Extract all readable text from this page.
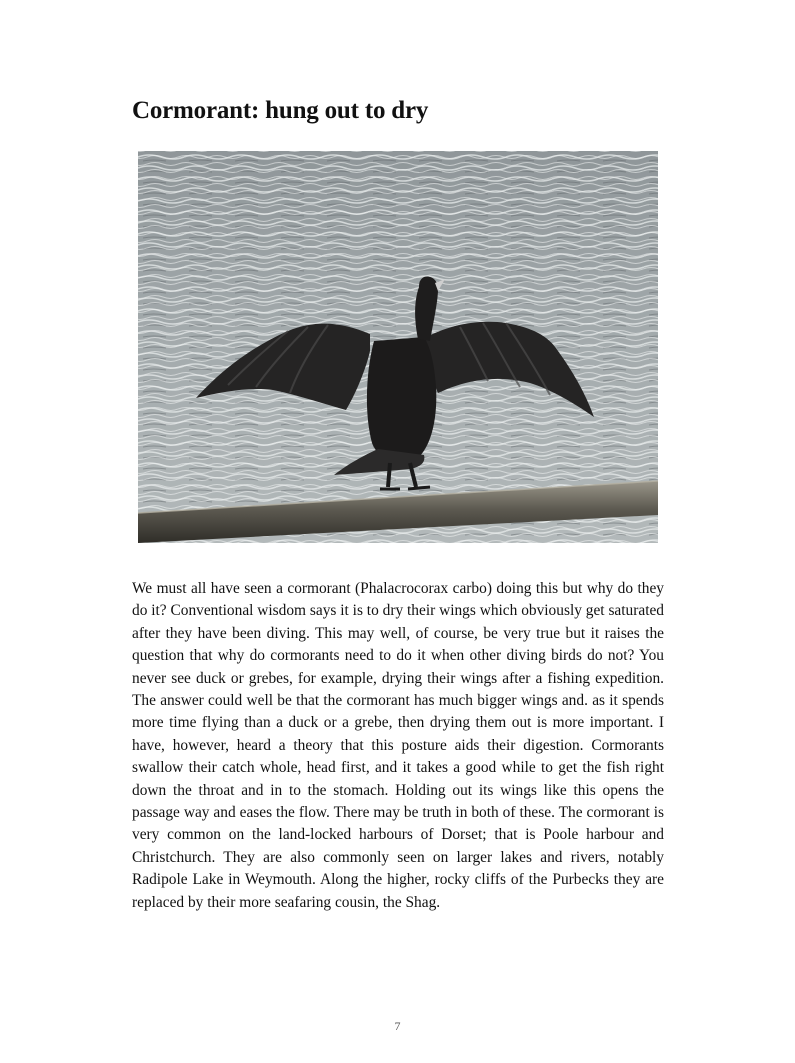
Cormorant: hung out to dry

We must all have seen a cormorant (Phalacrocorax carbo) doing this but why do they do it? Conventional wisdom says it is to dry their wings which obviously get saturated after they have been diving. This may well, of course, be very true but it raises the question that why do cormorants need to do it when other diving birds do not? You never see duck or grebes, for example, drying their wings after a fishing expedition. The answer could well be that the cormorant has much bigger wings and. as it spends more time flying than a duck or a grebe, then drying them out is more important. I have, however, heard a theory that this posture aids their digestion. Cormorants swallow their catch whole, head first, and it takes a good while to get the fish right down the throat and in to the stomach. Holding out its wings like this opens the passage way and eases the flow. There may be truth in both of these. The cormorant is very common on the land-locked harbours of Dorset; that is Poole harbour and Christchurch. They are also commonly seen on larger lakes and rivers, notably Radipole Lake in Weymouth. Along the higher, rocky cliffs of the Purbecks they are replaced by their more seafaring cousin, the Shag.

7
